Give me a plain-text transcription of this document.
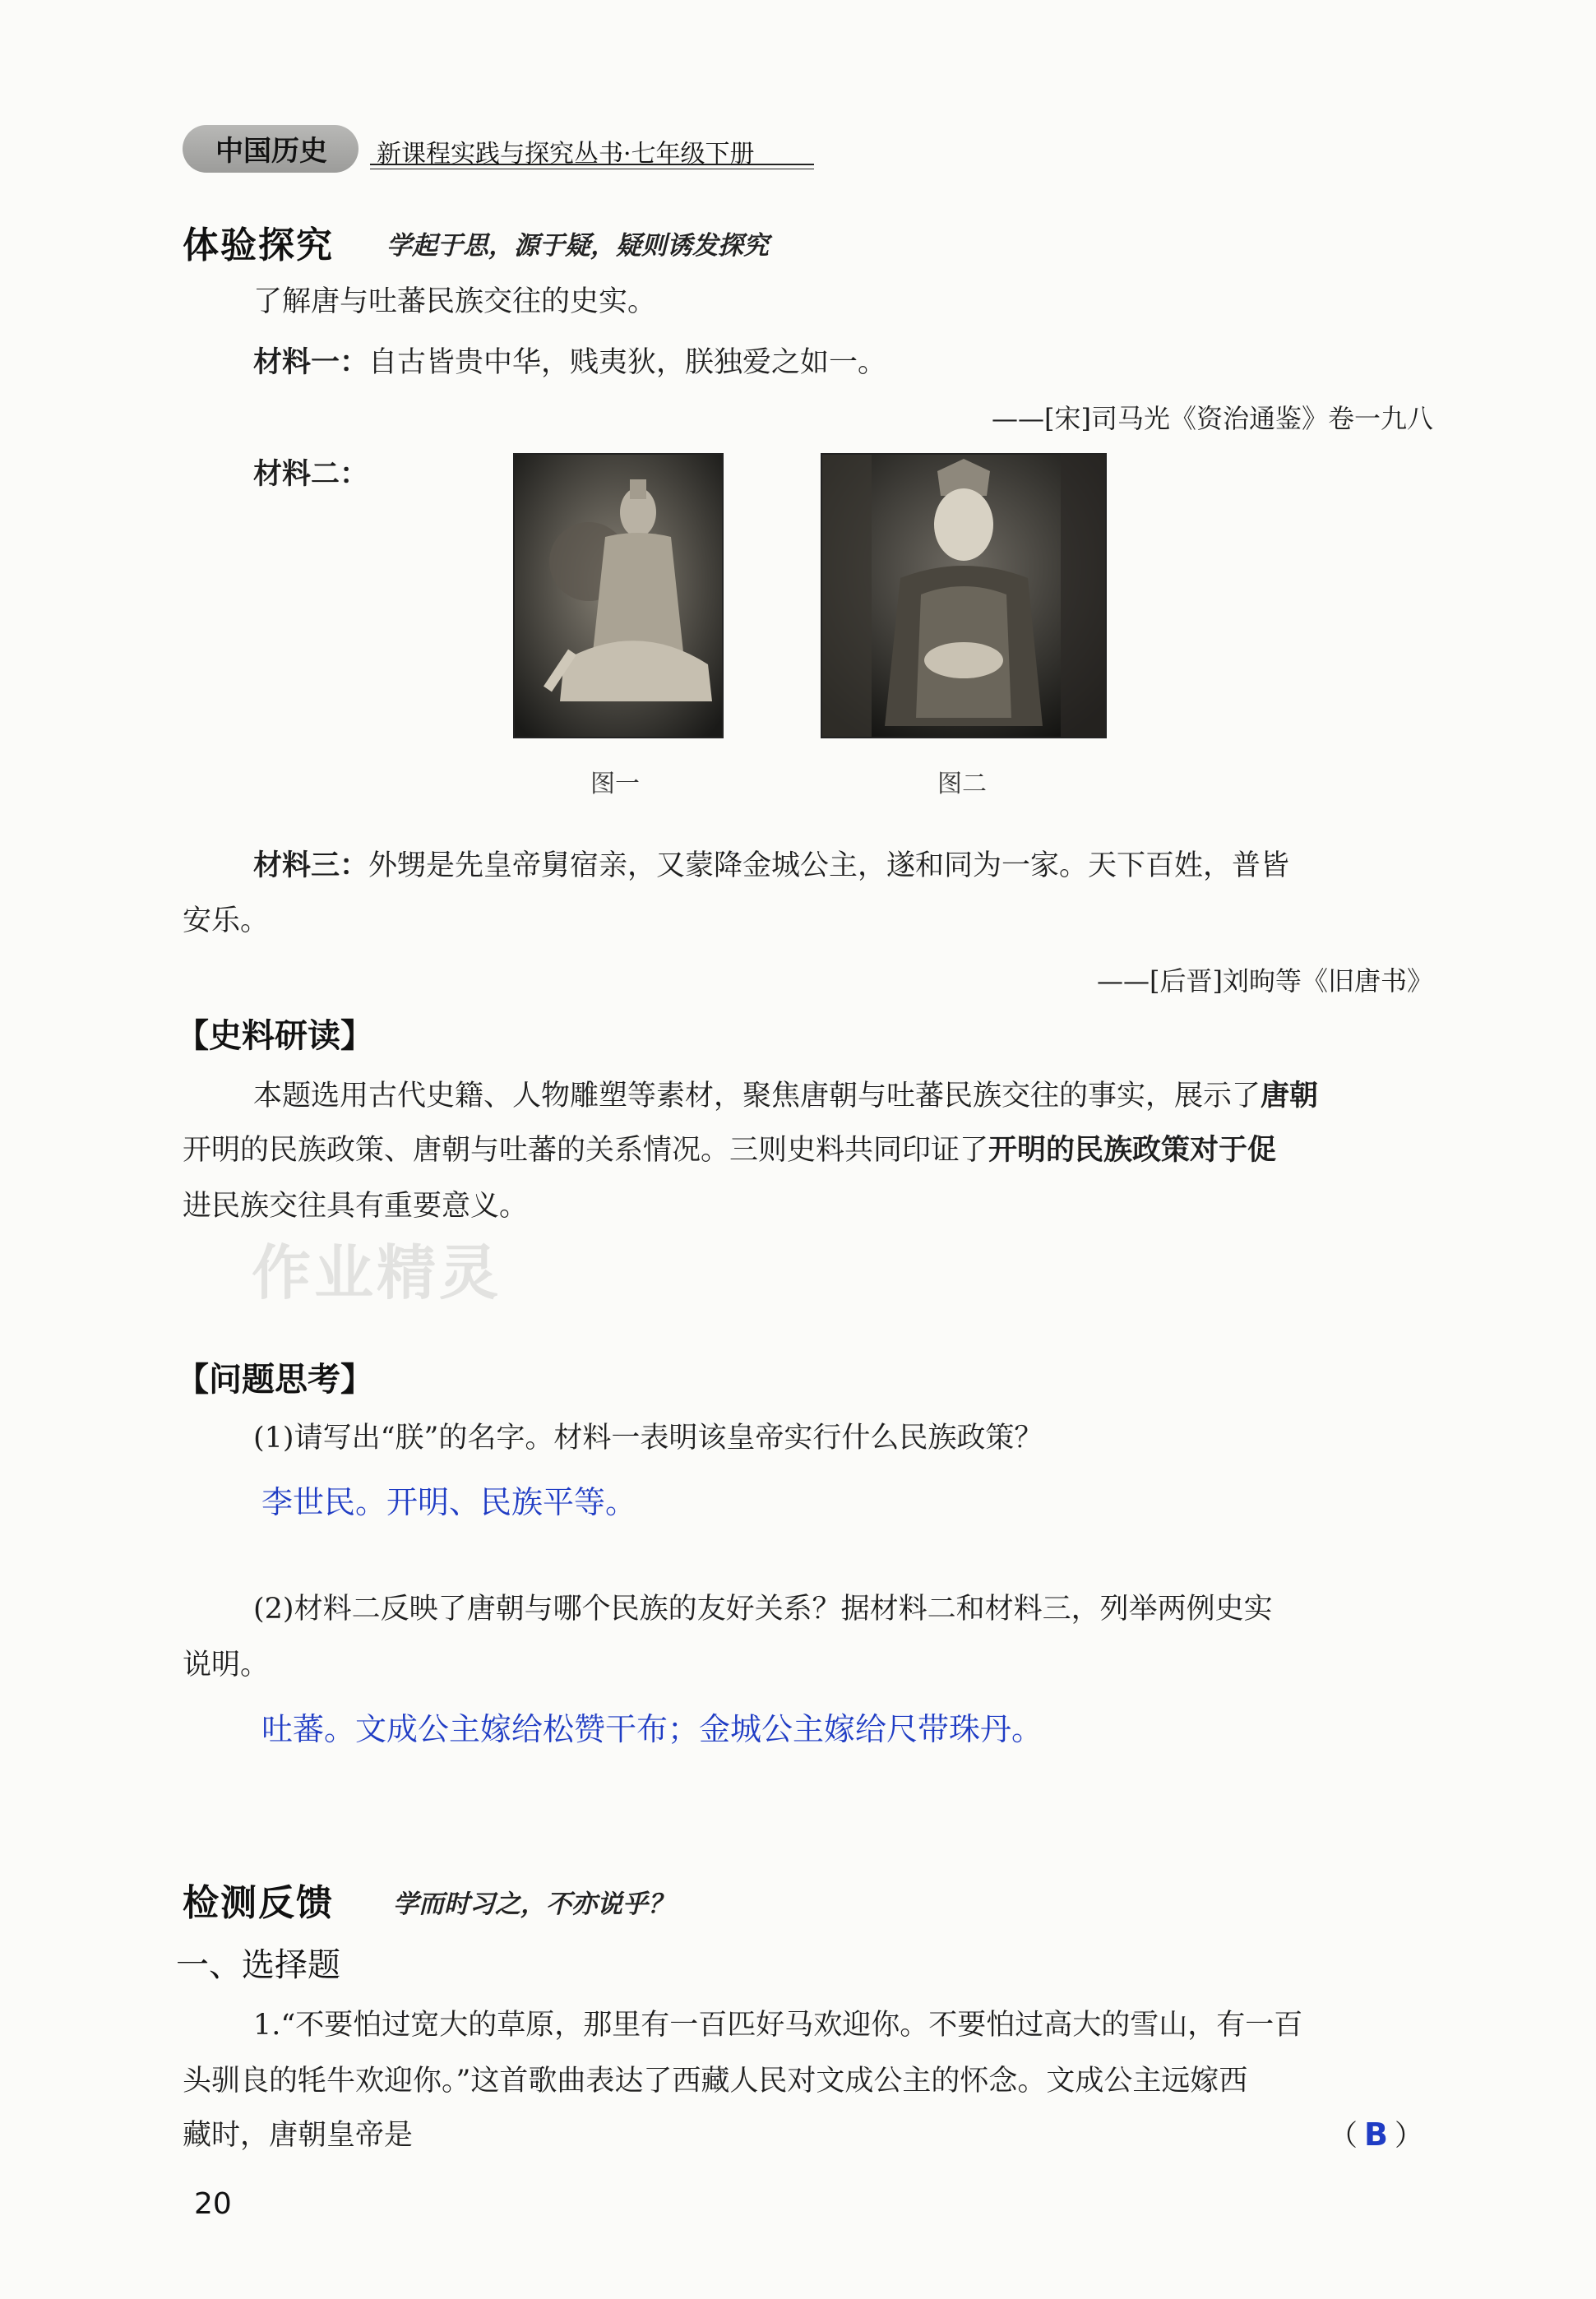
中国历史 新课程实践与探究丛书·七年级下册
体验探究 学起于思，源于疑，疑则诱发探究
了解唐与吐蕃民族交往的史实。
材料一：自古皆贵中华，贱夷狄，朕独爱之如一。
——[宋]司马光《资治通鉴》卷一九八
材料二：
图一	图二
材料三：外甥是先皇帝舅宿亲，又蒙降金城公主，遂和同为一家。天下百姓，普皆
安乐。
——[后晋]刘昫等《旧唐书》
【史料研读】
本题选用古代史籍、人物雕塑等素材，聚焦唐朝与吐蕃民族交往的事实，展示了唐朝
开明的民族政策、唐朝与吐蕃的关系情况。三则史料共同印证了开明的民族政策对于促
进民族交往具有重要意义。
作业精灵
【问题思考】
(1)请写出“朕”的名字。材料一表明该皇帝实行什么民族政策？
李世民。开明、民族平等。
(2)材料二反映了唐朝与哪个民族的友好关系？据材料二和材料三，列举两例史实
说明。
吐蕃。文成公主嫁给松赞干布；金城公主嫁给尺带珠丹。
检测反馈 学而时习之，不亦说乎？
一、选择题
1.“不要怕过宽大的草原，那里有一百匹好马欢迎你。不要怕过高大的雪山，有一百
头驯良的牦牛欢迎你。”这首歌曲表达了西藏人民对文成公主的怀念。文成公主远嫁西
藏时，唐朝皇帝是	（ B ）
20
